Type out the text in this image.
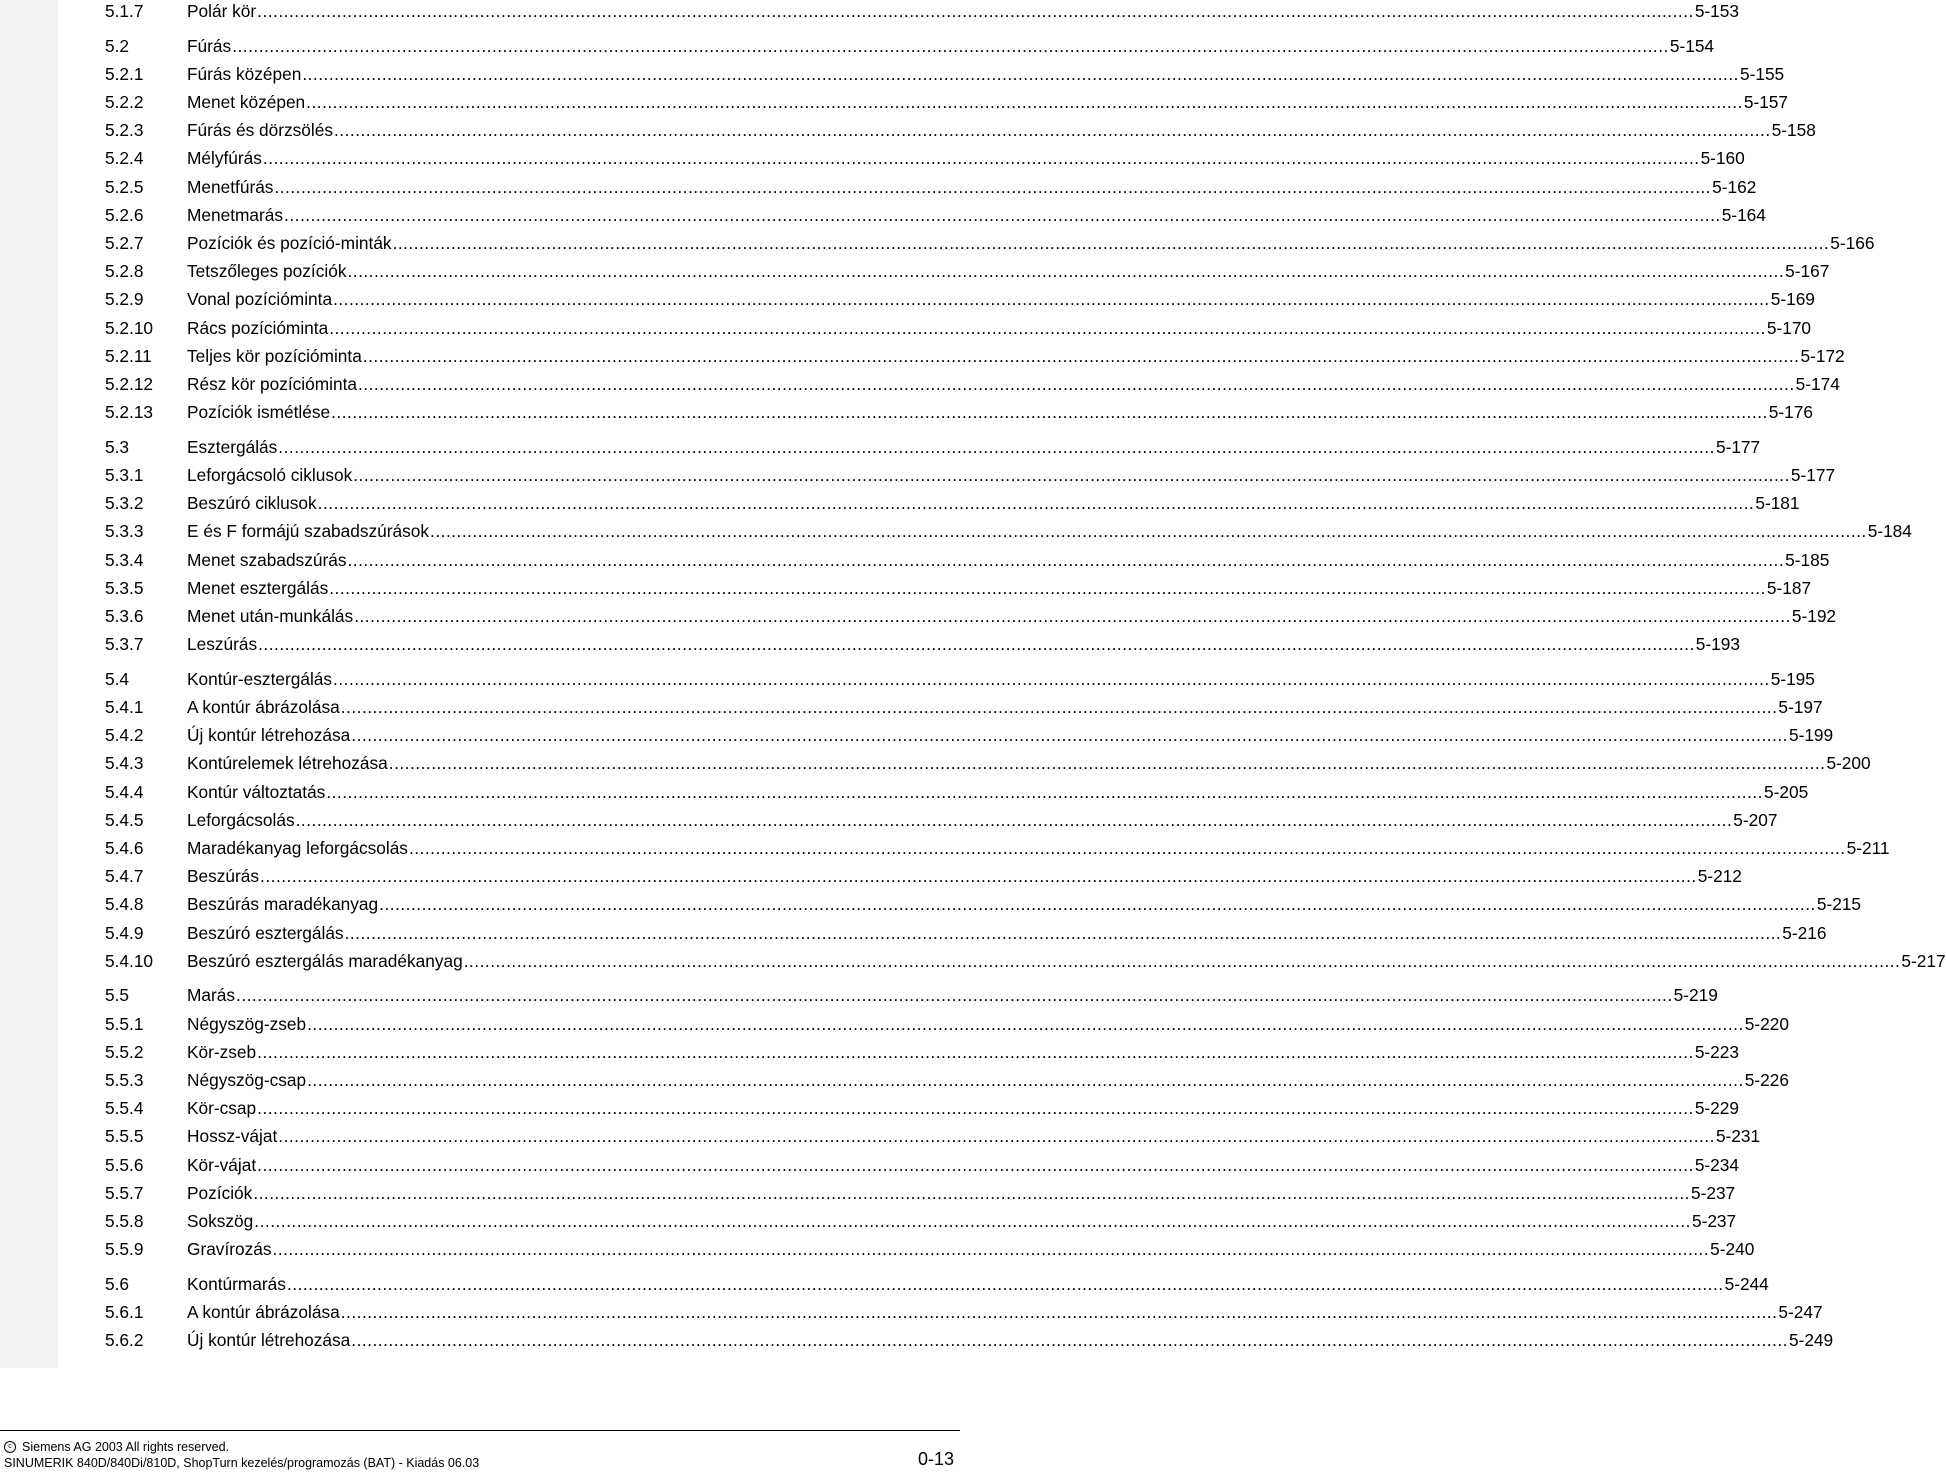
5.1.7	Polár kör .....	5-153
5.2	Fúrás .....	5-154
5.2.1	Fúrás középen .....	5-155
5.2.2	Menet középen .....	5-157
5.2.3	Fúrás és dörzsölés .....	5-158
5.2.4	Mélyfúrás .....	5-160
5.2.5	Menetfúrás .....	5-162
5.2.6	Menetmarás .....	5-164
5.2.7	Pozíciók és pozíció-minták .....	5-166
5.2.8	Tetszőleges pozíciók .....	5-167
5.2.9	Vonal pozícióminta .....	5-169
5.2.10	Rács pozícióminta .....	5-170
5.2.11	Teljes kör pozícióminta .....	5-172
5.2.12	Rész kör pozícióminta .....	5-174
5.2.13	Pozíciók ismétlése .....	5-176
5.3	Esztergálás .....	5-177
5.3.1	Leforgácsoló ciklusok .....	5-177
5.3.2	Beszúró ciklusok .....	5-181
5.3.3	E és F formájú szabadszúrások .....	5-184
5.3.4	Menet szabadszúrás .....	5-185
5.3.5	Menet esztergálás .....	5-187
5.3.6	Menet után-munkálás .....	5-192
5.3.7	Leszúrás .....	5-193
5.4	Kontúr-esztergálás .....	5-195
5.4.1	A kontúr ábrázolása .....	5-197
5.4.2	Új kontúr létrehozása .....	5-199
5.4.3	Kontúrelemek létrehozása .....	5-200
5.4.4	Kontúr változtatás .....	5-205
5.4.5	Leforgácsolás .....	5-207
5.4.6	Maradékanyag leforgácsolás .....	5-211
5.4.7	Beszúrás .....	5-212
5.4.8	Beszúrás maradékanyag .....	5-215
5.4.9	Beszúró esztergálás .....	5-216
5.4.10	Beszúró esztergálás maradékanyag .....	5-217
5.5	Marás .....	5-219
5.5.1	Négyszög-zseb .....	5-220
5.5.2	Kör-zseb .....	5-223
5.5.3	Négyszög-csap .....	5-226
5.5.4	Kör-csap .....	5-229
5.5.5	Hossz-vájat .....	5-231
5.5.6	Kör-vájat .....	5-234
5.5.7	Pozíciók .....	5-237
5.5.8	Sokszög .....	5-237
5.5.9	Gravírozás .....	5-240
5.6	Kontúrmarás .....	5-244
5.6.1	A kontúr ábrázolása .....	5-247
5.6.2	Új kontúr létrehozása .....	5-249
c Siemens AG 2003 All rights reserved.
SINUMERIK 840D/840Di/810D, ShopTurn kezelés/programozás (BAT) - Kiadás 06.03	0-13
